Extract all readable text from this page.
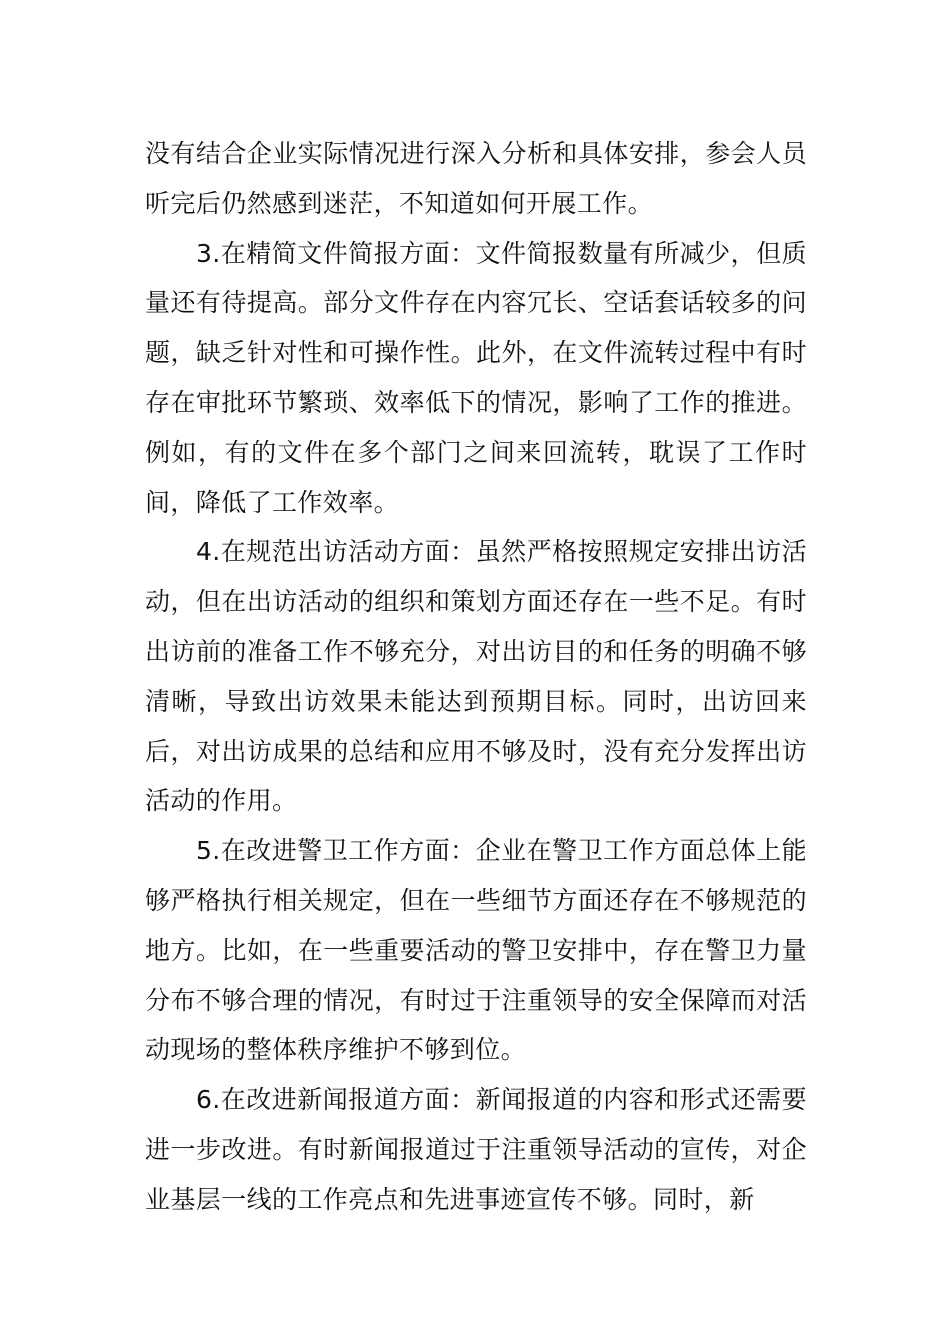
没有结合企业实际情况进行深入分析和具体安排，参会人员听完后仍然感到迷茫，不知道如何开展工作。

3.在精简文件简报方面：文件简报数量有所减少，但质量还有待提高。部分文件存在内容冗长、空话套话较多的问题，缺乏针对性和可操作性。此外，在文件流转过程中有时存在审批环节繁琐、效率低下的情况，影响了工作的推进。例如，有的文件在多个部门之间来回流转，耽误了工作时间，降低了工作效率。

4.在规范出访活动方面：虽然严格按照规定安排出访活动，但在出访活动的组织和策划方面还存在一些不足。有时出访前的准备工作不够充分，对出访目的和任务的明确不够清晰，导致出访效果未能达到预期目标。同时，出访回来后，对出访成果的总结和应用不够及时，没有充分发挥出访活动的作用。

5.在改进警卫工作方面：企业在警卫工作方面总体上能够严格执行相关规定，但在一些细节方面还存在不够规范的地方。比如，在一些重要活动的警卫安排中，存在警卫力量分布不够合理的情况，有时过于注重领导的安全保障而对活动现场的整体秩序维护不够到位。

6.在改进新闻报道方面：新闻报道的内容和形式还需要进一步改进。有时新闻报道过于注重领导活动的宣传，对企业基层一线的工作亮点和先进事迹宣传不够。同时，新
